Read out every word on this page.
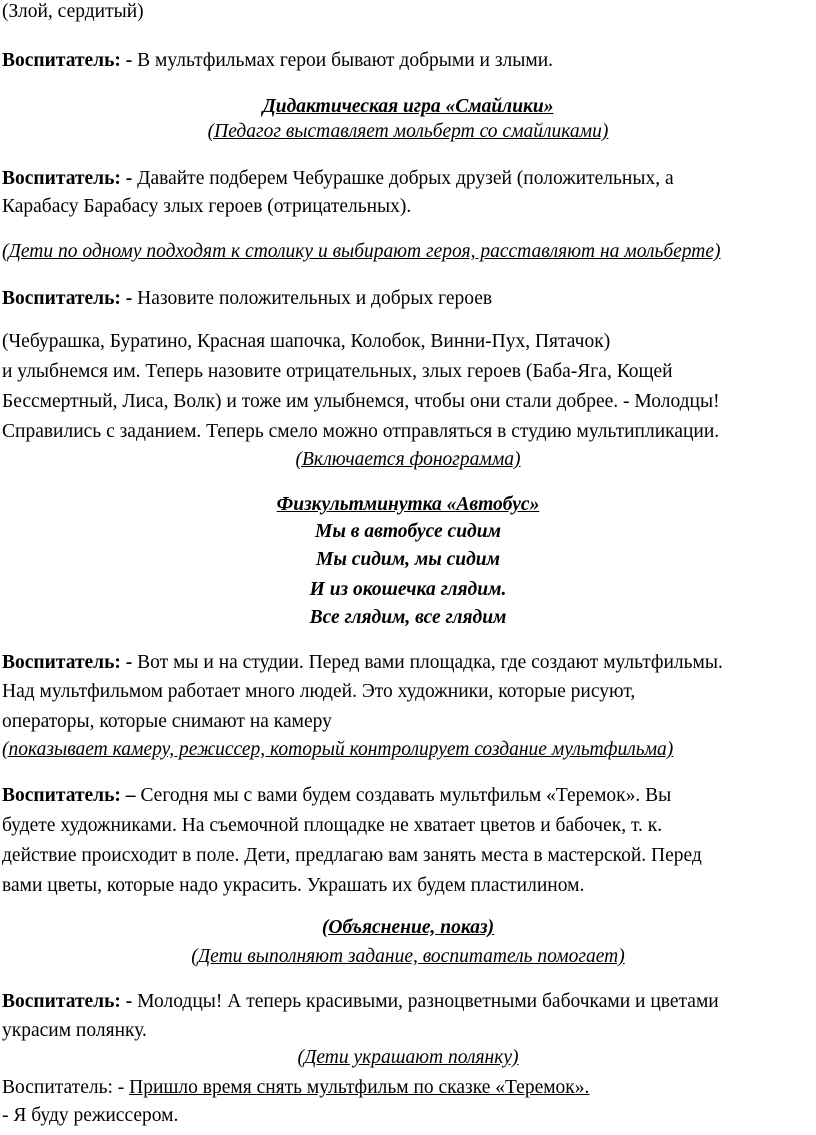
(Злой, сердитый)
Воспитатель: - В мультфильмах герои бывают добрыми и злыми.
Дидактическая игра «Смайлики»
(Педагог выставляет мольберт со смайликами)
Воспитатель: - Давайте подберем Чебурашке добрых друзей (положительных, а
Карабасу Барабасу злых героев (отрицательных).
(Дети по одному подходят к столику и выбирают героя, расставляют на мольберте)
Воспитатель: - Назовите положительных и добрых героев
(Чебурашка, Буратино, Красная шапочка, Колобок, Винни-Пух, Пятачок)
и улыбнемся им. Теперь назовите отрицательных, злых героев (Баба-Яга, Кощей
Бессмертный, Лиса, Волк) и тоже им улыбнемся, чтобы они стали добрее. - Молодцы!
Справились с заданием. Теперь смело можно отправляться в студию мультипликации.
(Включается фонограмма)
Физкультминутка «Автобус»
Мы в автобусе сидим
Мы сидим, мы сидим
И из окошечка глядим.
Все глядим, все глядим
Воспитатель: - Вот мы и на студии. Перед вами площадка, где создают мультфильмы.
Над мультфильмом работает много людей. Это художники, которые рисуют,
операторы, которые снимают на камеру
(показывает камеру, режиссер, который контролирует создание мультфильма)
Воспитатель: – Сегодня мы с вами будем создавать мультфильм «Теремок». Вы
будете художниками. На съемочной площадке не хватает цветов и бабочек, т. к.
действие происходит в поле. Дети, предлагаю вам занять места в мастерской. Перед
вами цветы, которые надо украсить. Украшать их будем пластилином.
(Объяснение, показ)
(Дети выполняют задание, воспитатель помогает)
Воспитатель: - Молодцы! А теперь красивыми, разноцветными бабочками и цветами
украсим полянку.
(Дети украшают полянку)
Воспитатель: - Пришло время снять мультфильм по сказке «Теремок».
- Я буду режиссером.
